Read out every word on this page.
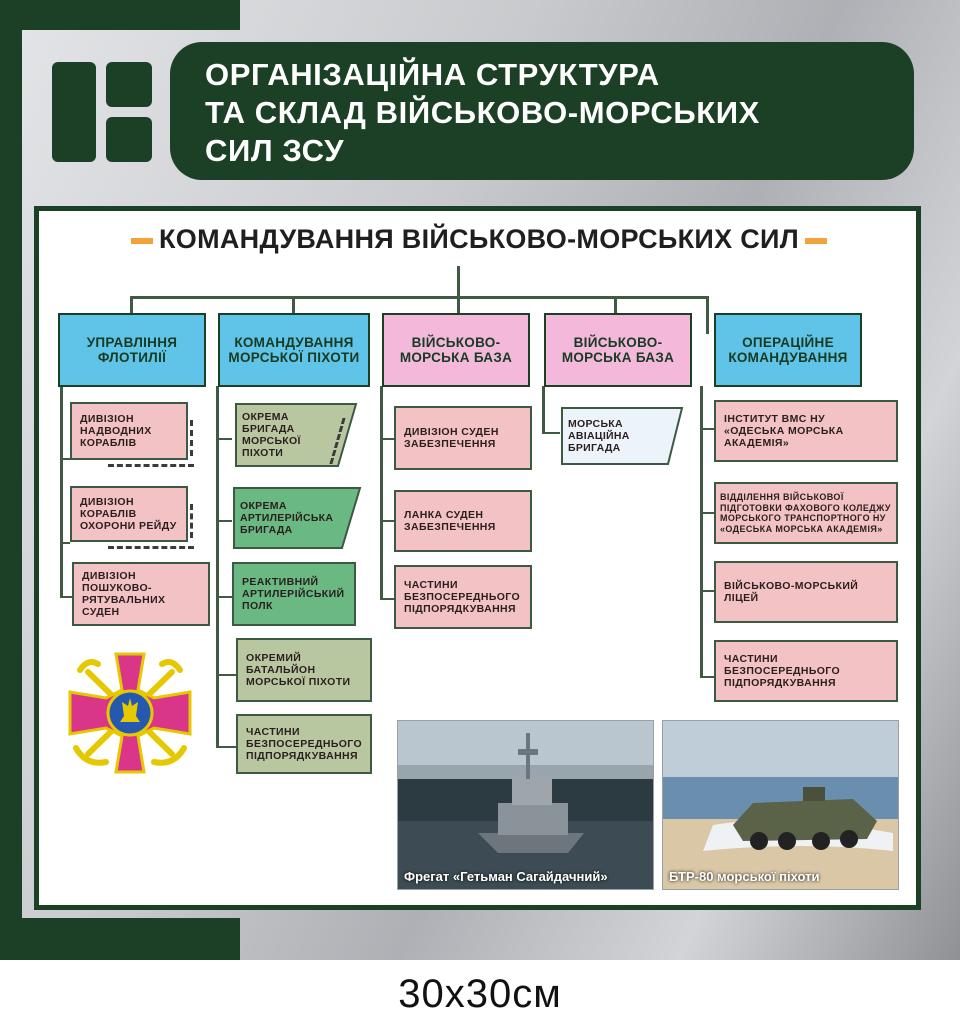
ОРГАНІЗАЦІЙНА СТРУКТУРА
ТА СКЛАД ВІЙСЬКОВО-МОРСЬКИХ
СИЛ ЗСУ
КОМАНДУВАННЯ ВІЙСЬКОВО-МОРСЬКИХ СИЛ
УПРАВЛІННЯ ФЛОТИЛІЇ
КОМАНДУВАННЯ МОРСЬКОЇ ПІХОТИ
ВІЙСЬКОВО-МОРСЬКА БАЗА
ВІЙСЬКОВО-МОРСЬКА БАЗА
ОПЕРАЦІЙНЕ КОМАНДУВАННЯ
ДИВІЗІОН НАДВОДНИХ КОРАБЛІВ
ДИВІЗІОН КОРАБЛІВ ОХОРОНИ РЕЙДУ
ДИВІЗІОН ПОШУКОВО-РЯТУВАЛЬНИХ СУДЕН
ОКРЕМА БРИГАДА МОРСЬКОЇ ПІХОТИ
ОКРЕМА АРТИЛЕРІЙСЬКА БРИГАДА
РЕАКТИВНИЙ АРТИЛЕРІЙСЬКИЙ ПОЛК
ОКРЕМИЙ БАТАЛЬЙОН МОРСЬКОЇ ПІХОТИ
ЧАСТИНИ БЕЗПОСЕРЕДНЬОГО ПІДПОРЯДКУВАННЯ
ДИВІЗІОН СУДЕН ЗАБЕЗПЕЧЕННЯ
ЛАНКА СУДЕН ЗАБЕЗПЕЧЕННЯ
ЧАСТИНИ БЕЗПОСЕРЕДНЬОГО ПІДПОРЯДКУВАННЯ
МОРСЬКА АВІАЦІЙНА БРИГАДА
ІНСТИТУТ ВМС НУ «ОДЕСЬКА МОРСЬКА АКАДЕМІЯ»
ВІДДІЛЕННЯ ВІЙСЬКОВОЇ ПІДГОТОВКИ ФАХОВОГО КОЛЕДЖУ МОРСЬКОГО ТРАНСПОРТНОГО НУ «ОДЕСЬКА МОРСЬКА АКАДЕМІЯ»
ВІЙСЬКОВО-МОРСЬКИЙ ЛІЦЕЙ
ЧАСТИНИ БЕЗПОСЕРЕДНЬОГО ПІДПОРЯДКУВАННЯ
Фрегат «Гетьман Сагайдачний»	БТР-80 морської піхоти
30x30см
